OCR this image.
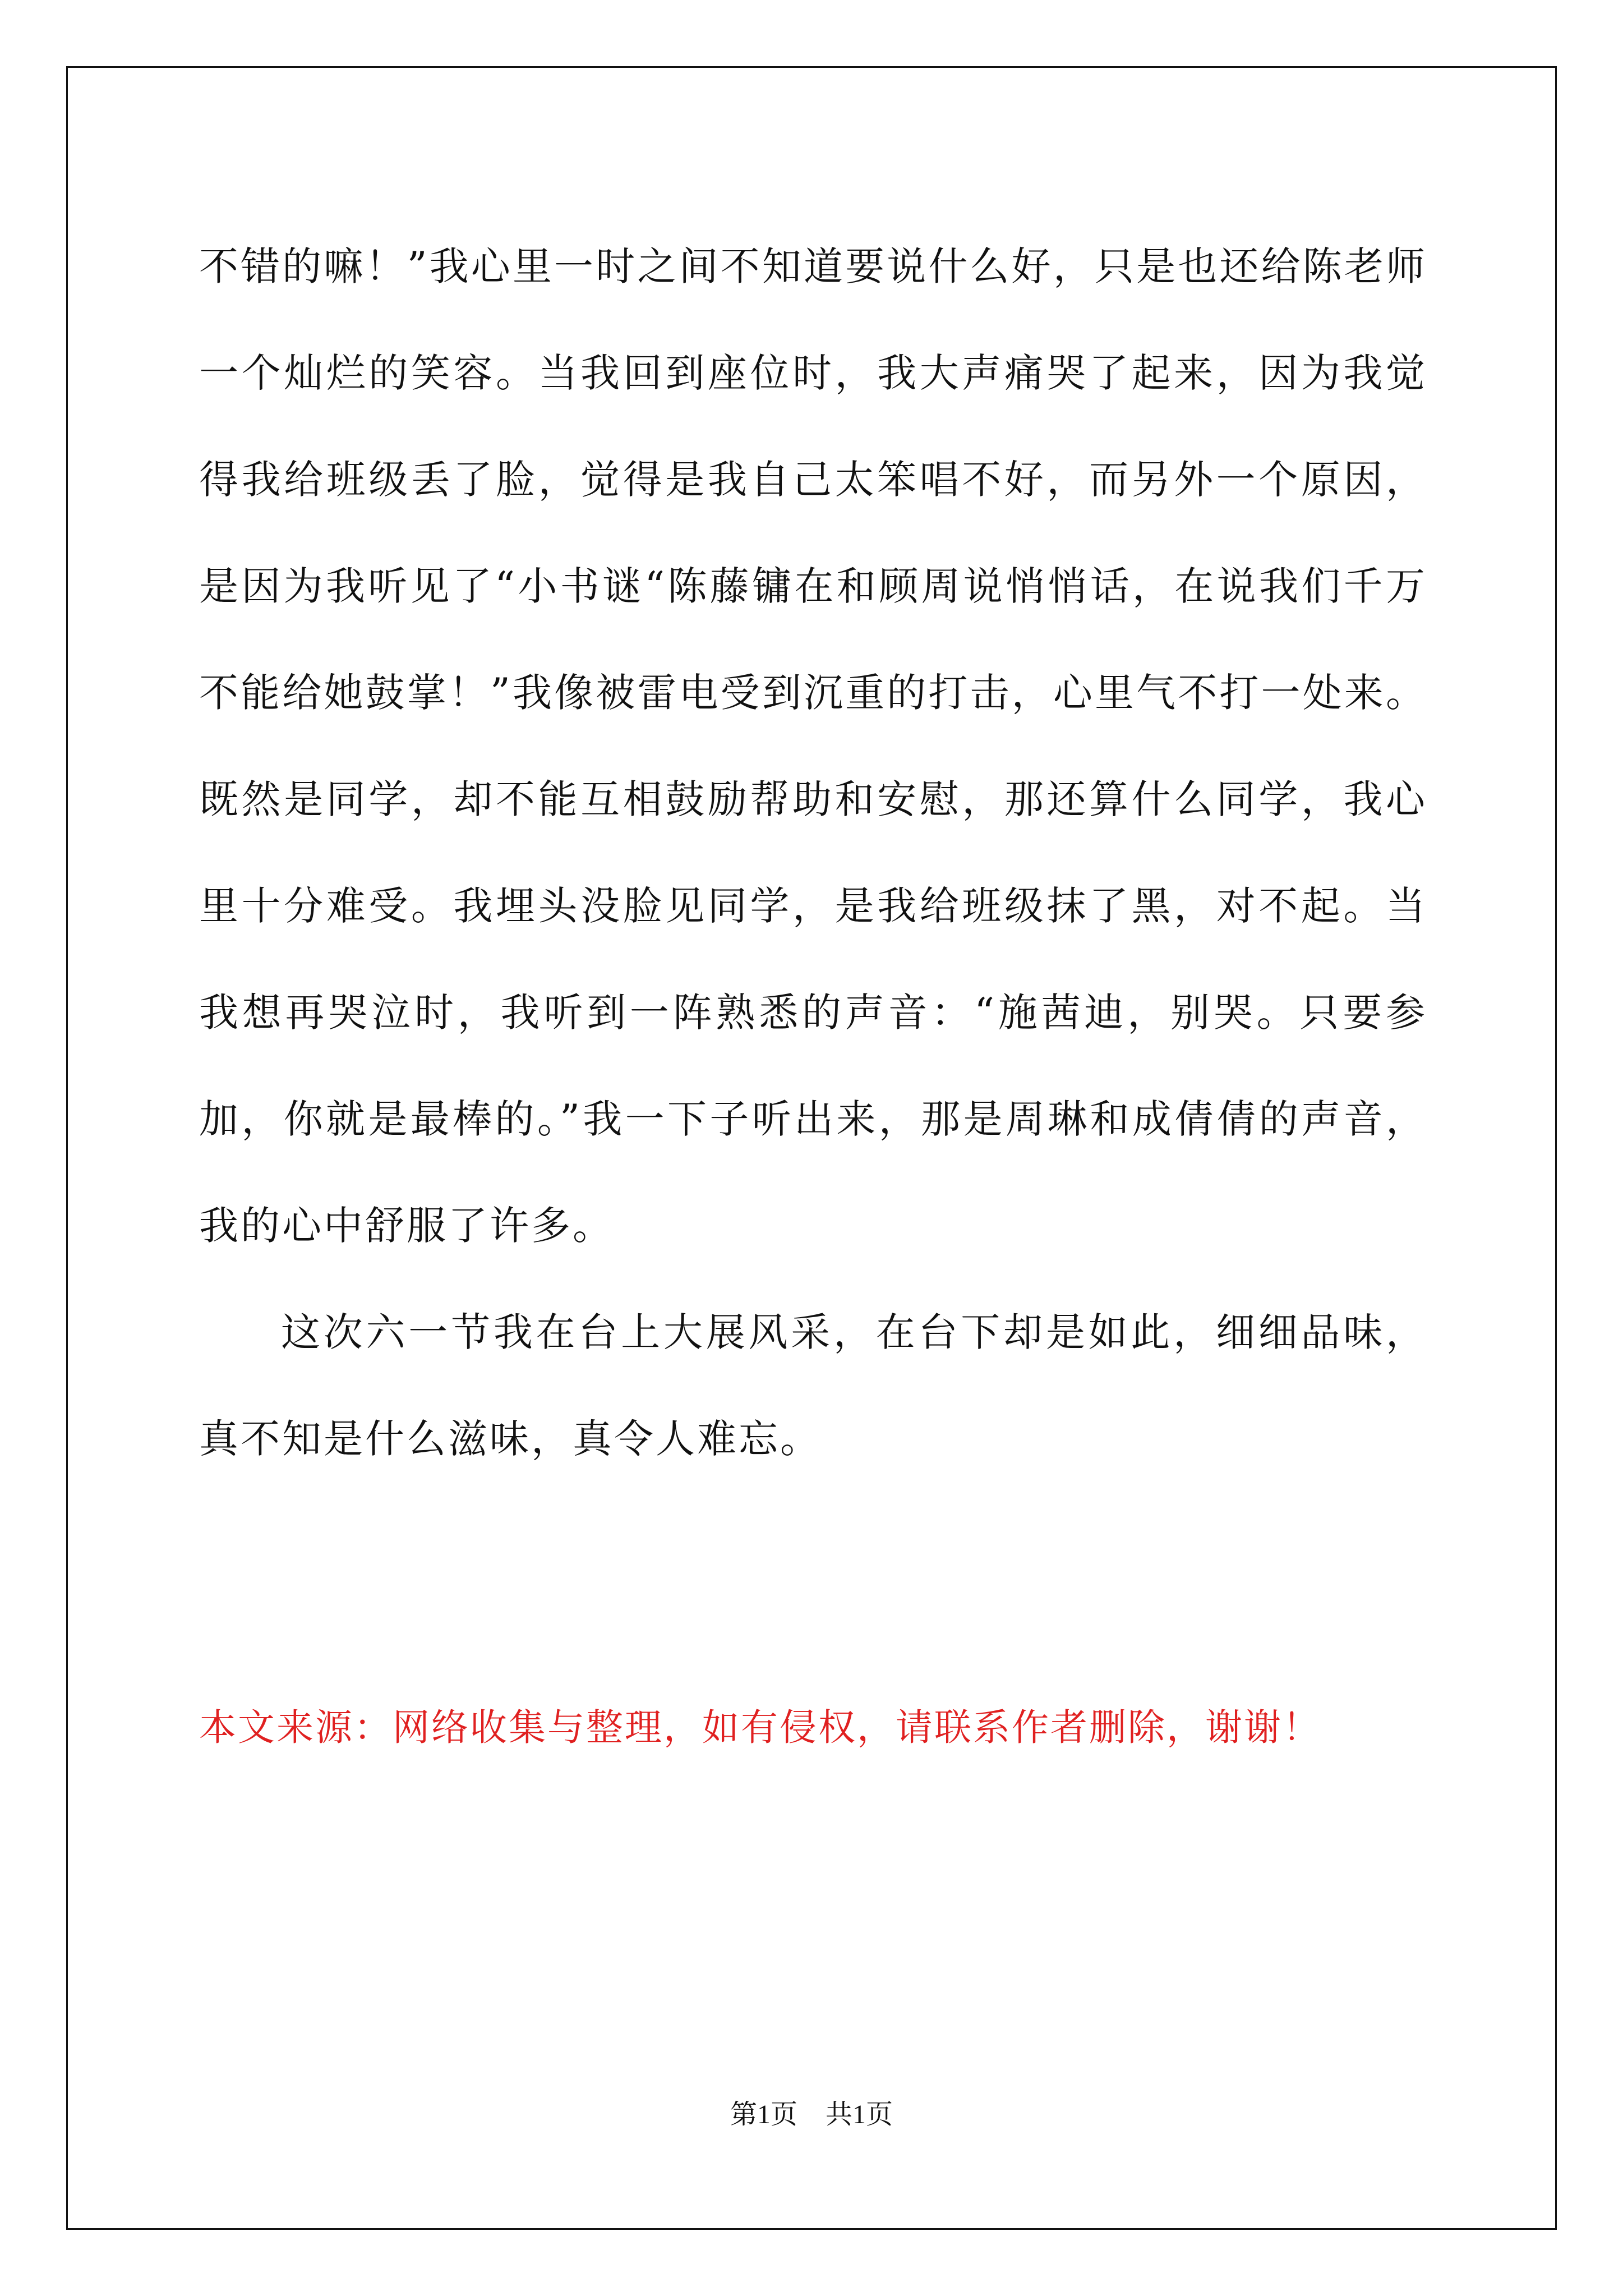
不错的嘛！”我心里一时之间不知道要说什么好，只是也还给陈老师一个灿烂的笑容。当我回到座位时，我大声痛哭了起来，因为我觉得我给班级丢了脸，觉得是我自己太笨唱不好，而另外一个原因，是因为我听见了“小书谜“陈藤镛在和顾周说悄悄话，在说我们千万不能给她鼓掌！”我像被雷电受到沉重的打击，心里气不打一处来。既然是同学，却不能互相鼓励帮助和安慰，那还算什么同学，我心里十分难受。我埋头没脸见同学，是我给班级抹了黑，对不起。当我想再哭泣时，我听到一阵熟悉的声音：“施茜迪，别哭。只要参加，你就是最棒的。”我一下子听出来，那是周琳和成倩倩的声音，我的心中舒服了许多。

这次六一节我在台上大展风采，在台下却是如此，细细品味，真不知是什么滋味，真令人难忘。

本文来源：网络收集与整理，如有侵权，请联系作者删除，谢谢！

第1页 共1页
